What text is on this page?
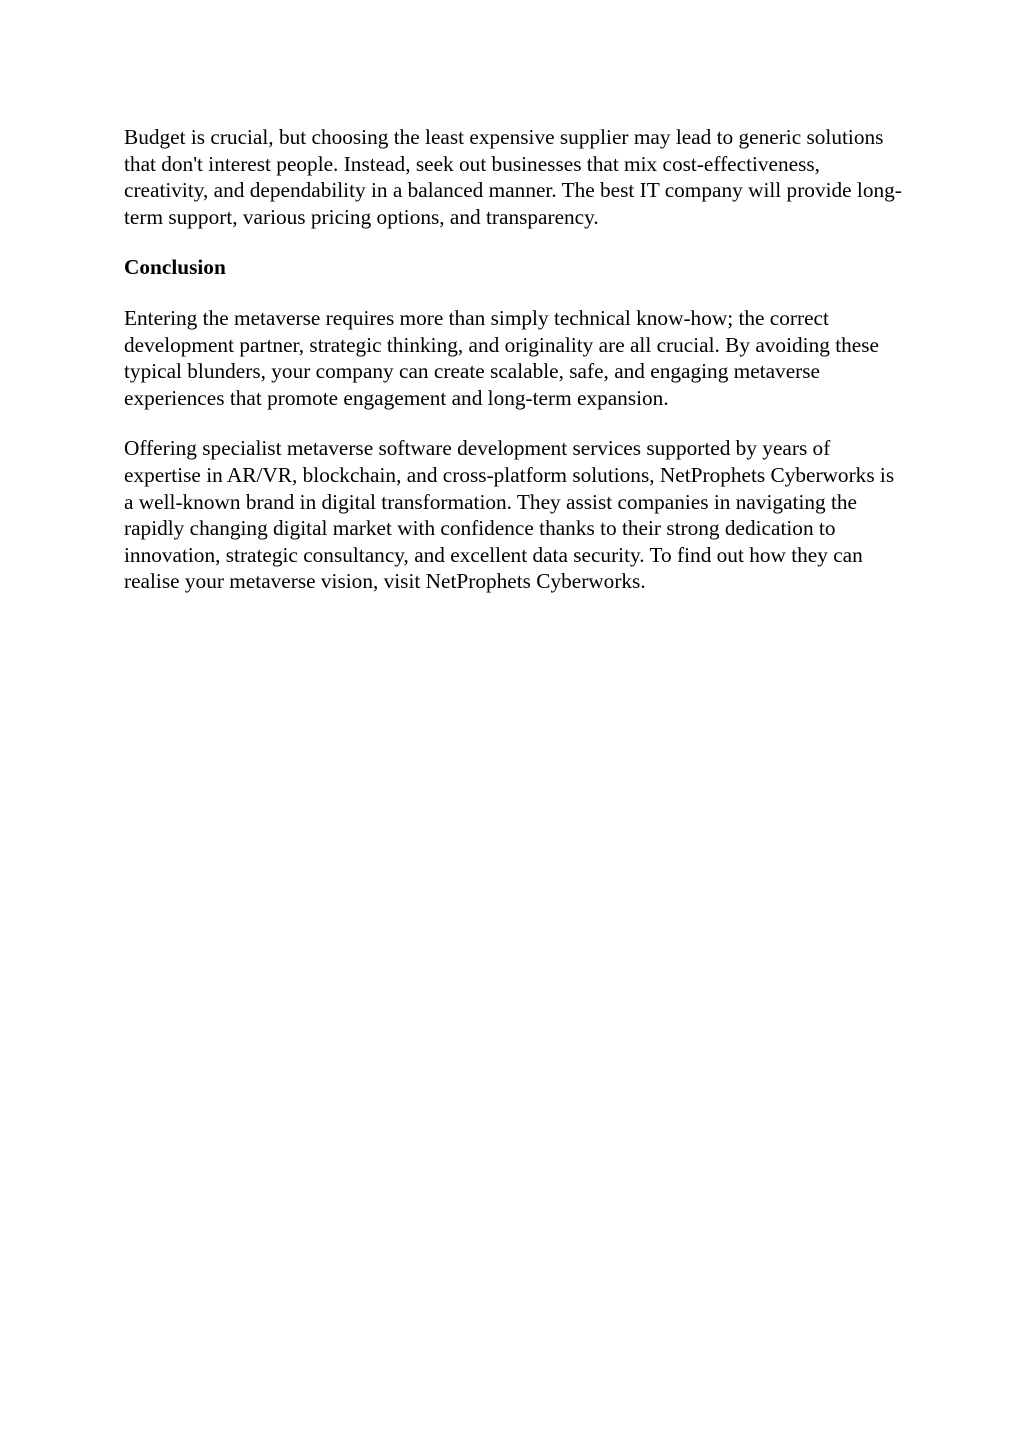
Budget is crucial, but choosing the least expensive supplier may lead to generic solutions that don't interest people. Instead, seek out businesses that mix cost-effectiveness, creativity, and dependability in a balanced manner. The best IT company will provide long-term support, various pricing options, and transparency.

Conclusion

Entering the metaverse requires more than simply technical know-how; the correct development partner, strategic thinking, and originality are all crucial. By avoiding these typical blunders, your company can create scalable, safe, and engaging metaverse experiences that promote engagement and long-term expansion.

Offering specialist metaverse software development services supported by years of expertise in AR/VR, blockchain, and cross-platform solutions, NetProphets Cyberworks is a well-known brand in digital transformation. They assist companies in navigating the rapidly changing digital market with confidence thanks to their strong dedication to innovation, strategic consultancy, and excellent data security. To find out how they can realise your metaverse vision, visit NetProphets Cyberworks.
